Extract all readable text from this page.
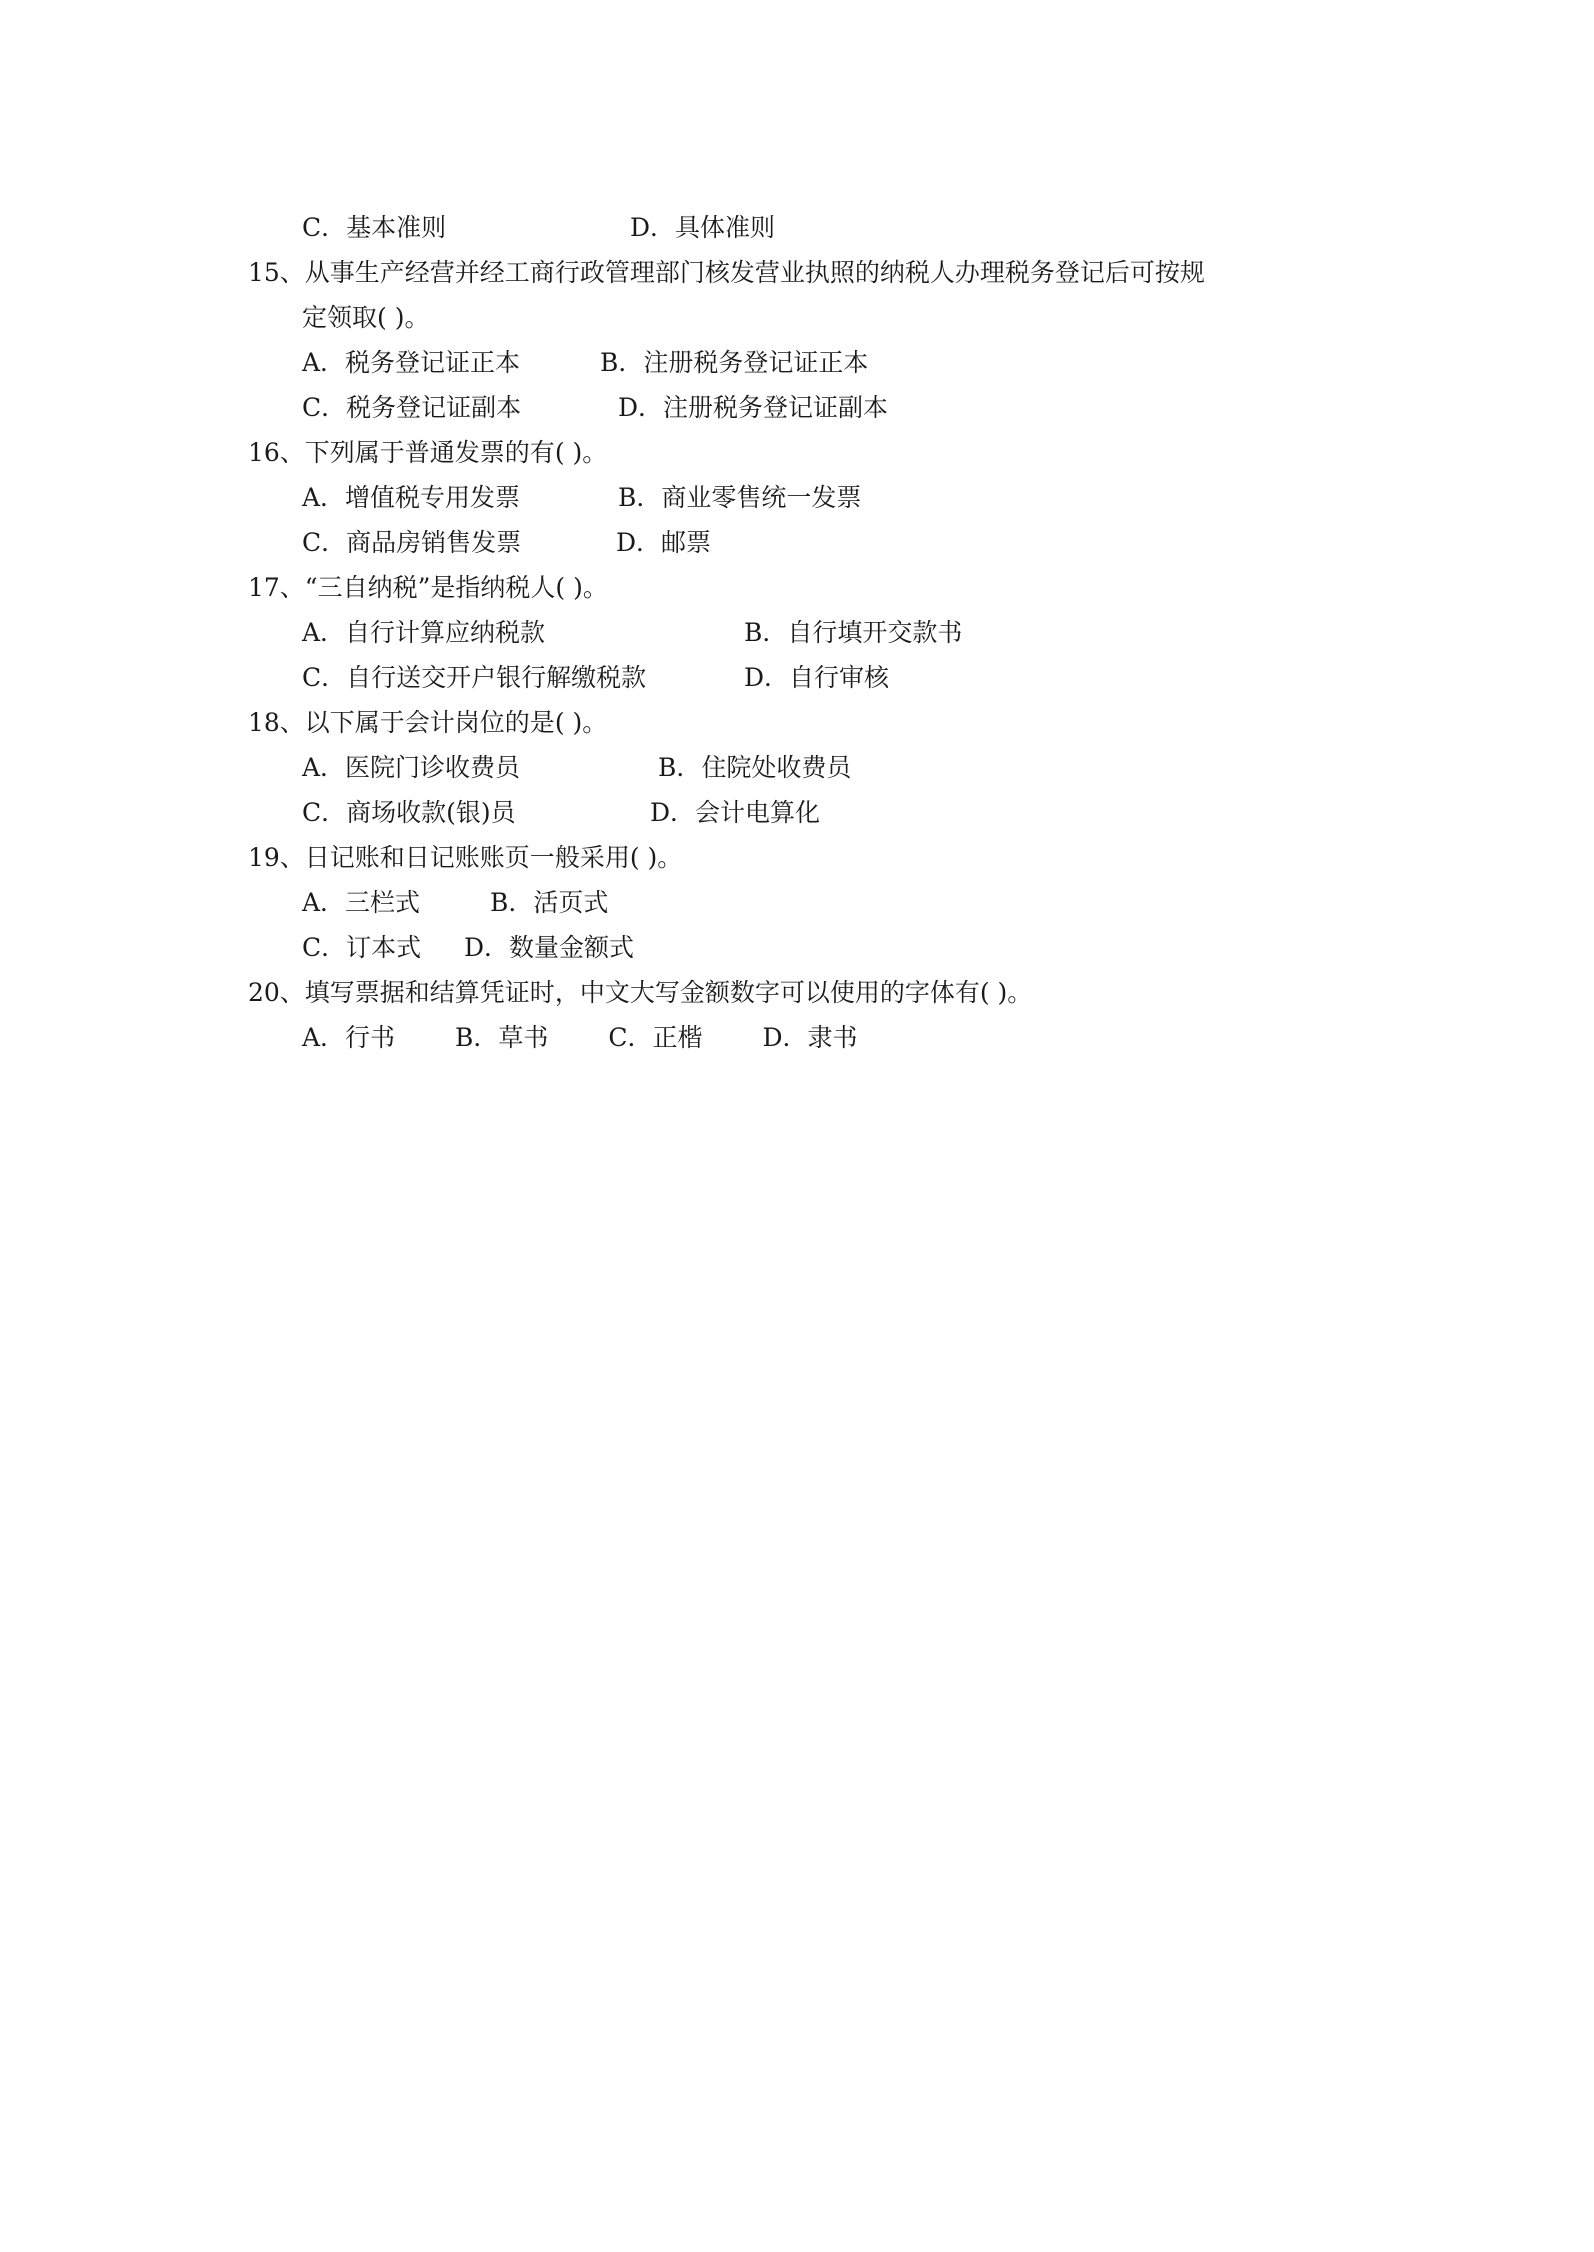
C．基本准则	D．具体准则
15、从事生产经营并经工商行政管理部门核发营业执照的纳税人办理税务登记后可按规
定领取( )。
A．税务登记证正本	B．注册税务登记证正本
C．税务登记证副本	D．注册税务登记证副本
16、下列属于普通发票的有( )。
A．增值税专用发票	B．商业零售统一发票
C．商品房销售发票	D．邮票
17、“三自纳税”是指纳税人( )。
A．自行计算应纳税款	B．自行填开交款书
C．自行送交开户银行解缴税款	D．自行审核
18、以下属于会计岗位的是( )。
A．医院门诊收费员	B．住院处收费员
C．商场收款(银)员	D．会计电算化
19、日记账和日记账账页一般采用( )。
A．三栏式	B．活页式
C．订本式 D．数量金额式
20、填写票据和结算凭证时，中文大写金额数字可以使用的字体有( )。
A．行书 B．草书 C．正楷 D．隶书
